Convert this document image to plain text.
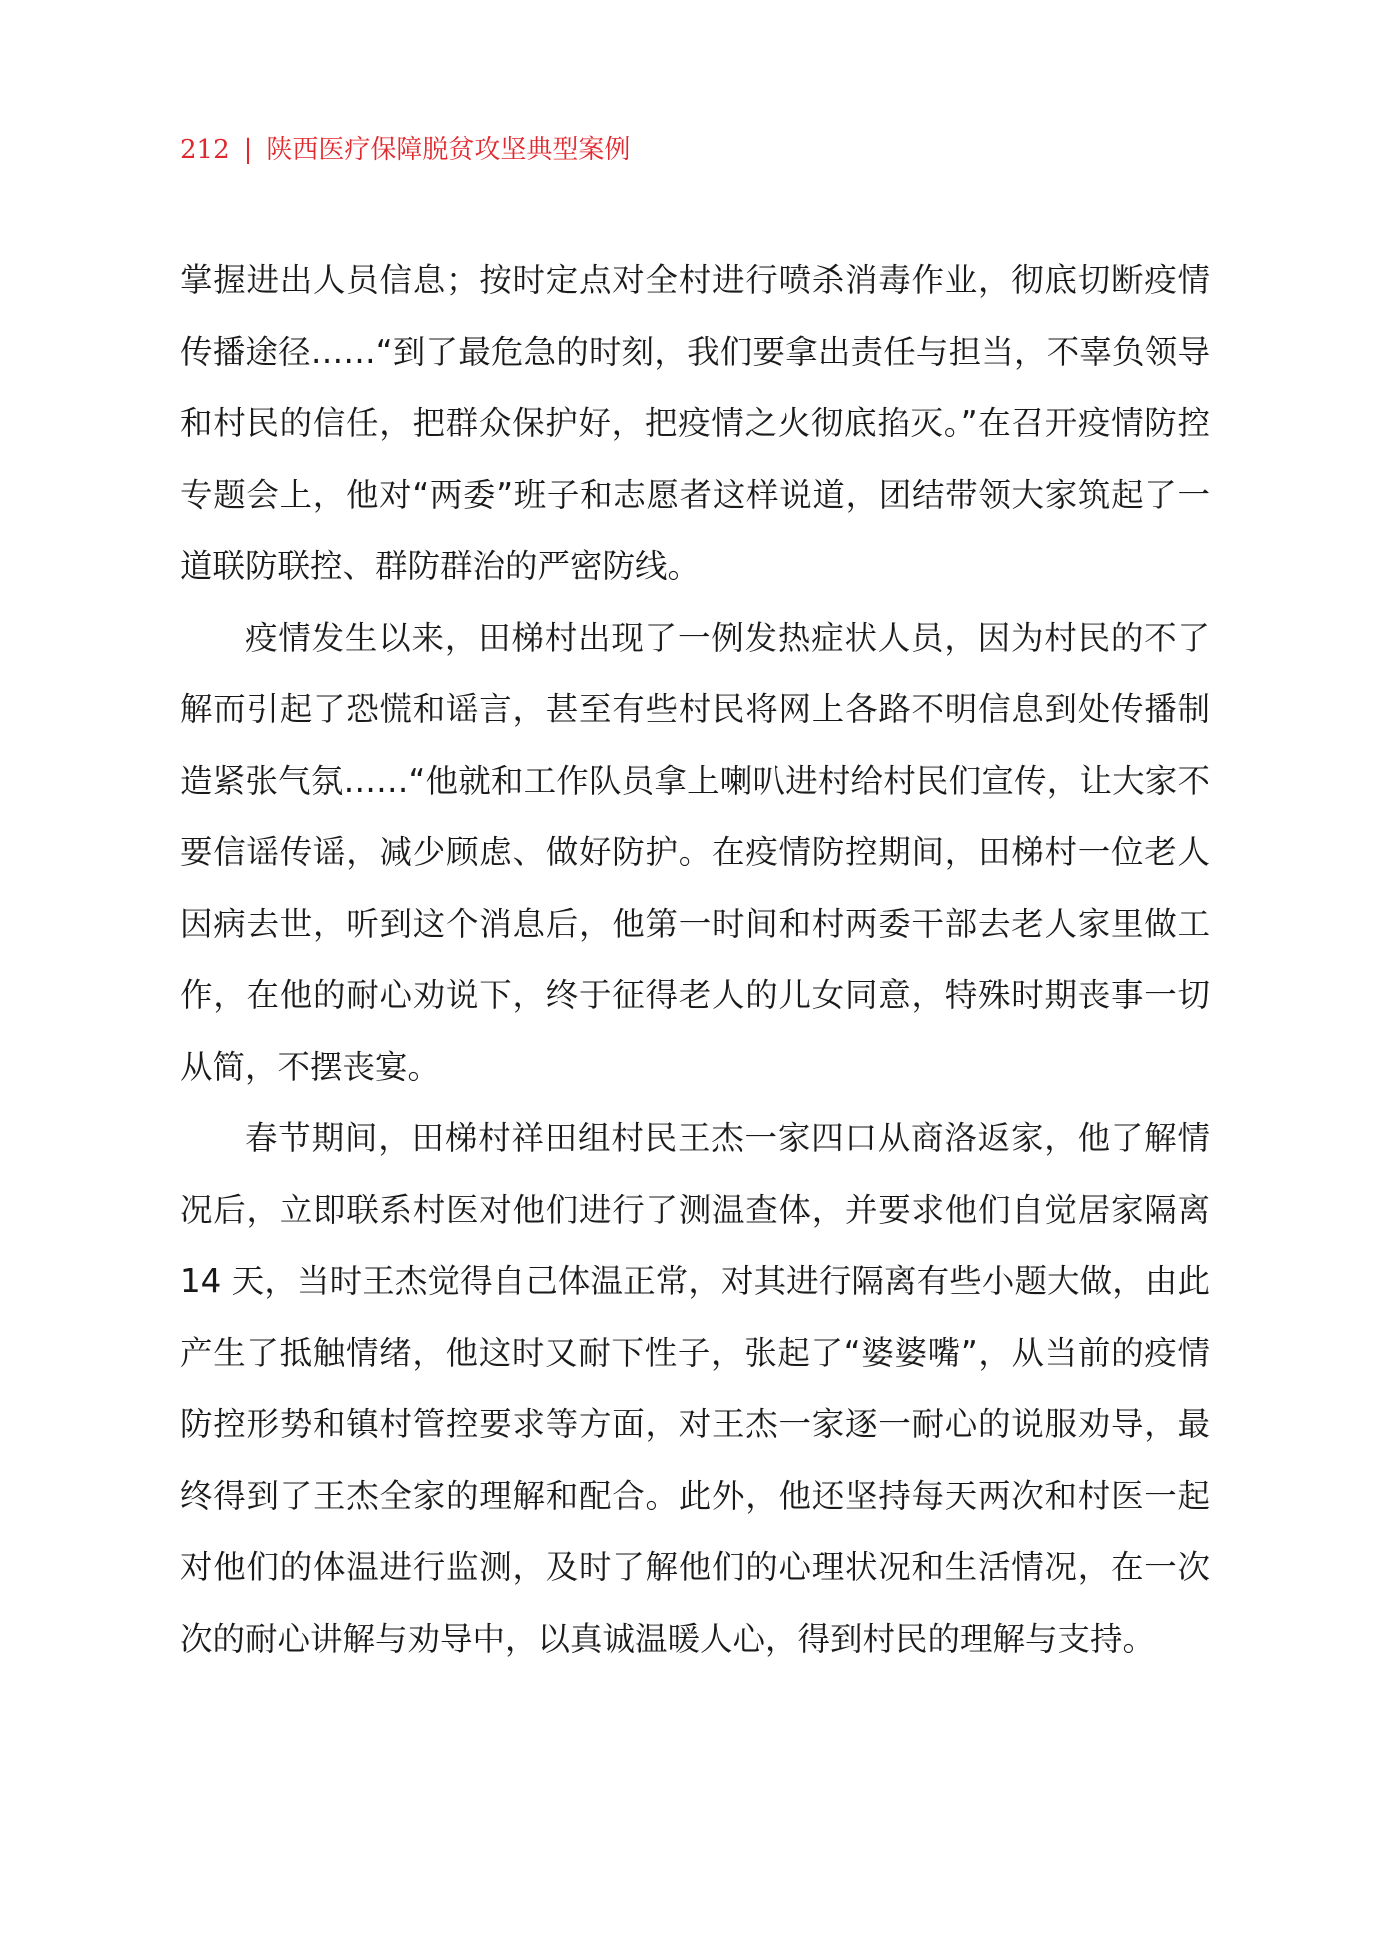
212 | 陕西医疗保障脱贫攻坚典型案例

掌握进出人员信息；按时定点对全村进行喷杀消毒作业，彻底切断疫情传播途径……“到了最危急的时刻，我们要拿出责任与担当，不辜负领导和村民的信任，把群众保护好，把疫情之火彻底掐灭。”在召开疫情防控专题会上，他对“两委”班子和志愿者这样说道，团结带领大家筑起了一道联防联控、群防群治的严密防线。

疫情发生以来，田梯村出现了一例发热症状人员，因为村民的不了解而引起了恐慌和谣言，甚至有些村民将网上各路不明信息到处传播制造紧张气氛……“他就和工作队员拿上喇叭进村给村民们宣传，让大家不要信谣传谣，减少顾虑、做好防护。在疫情防控期间，田梯村一位老人因病去世，听到这个消息后，他第一时间和村两委干部去老人家里做工作，在他的耐心劝说下，终于征得老人的儿女同意，特殊时期丧事一切从简，不摆丧宴。

春节期间，田梯村祥田组村民王杰一家四口从商洛返家，他了解情况后，立即联系村医对他们进行了测温查体，并要求他们自觉居家隔离 14 天，当时王杰觉得自己体温正常，对其进行隔离有些小题大做，由此产生了抵触情绪，他这时又耐下性子，张起了“婆婆嘴”，从当前的疫情防控形势和镇村管控要求等方面，对王杰一家逐一耐心的说服劝导，最终得到了王杰全家的理解和配合。此外，他还坚持每天两次和村医一起对他们的体温进行监测，及时了解他们的心理状况和生活情况，在一次次的耐心讲解与劝导中，以真诚温暖人心，得到村民的理解与支持。
